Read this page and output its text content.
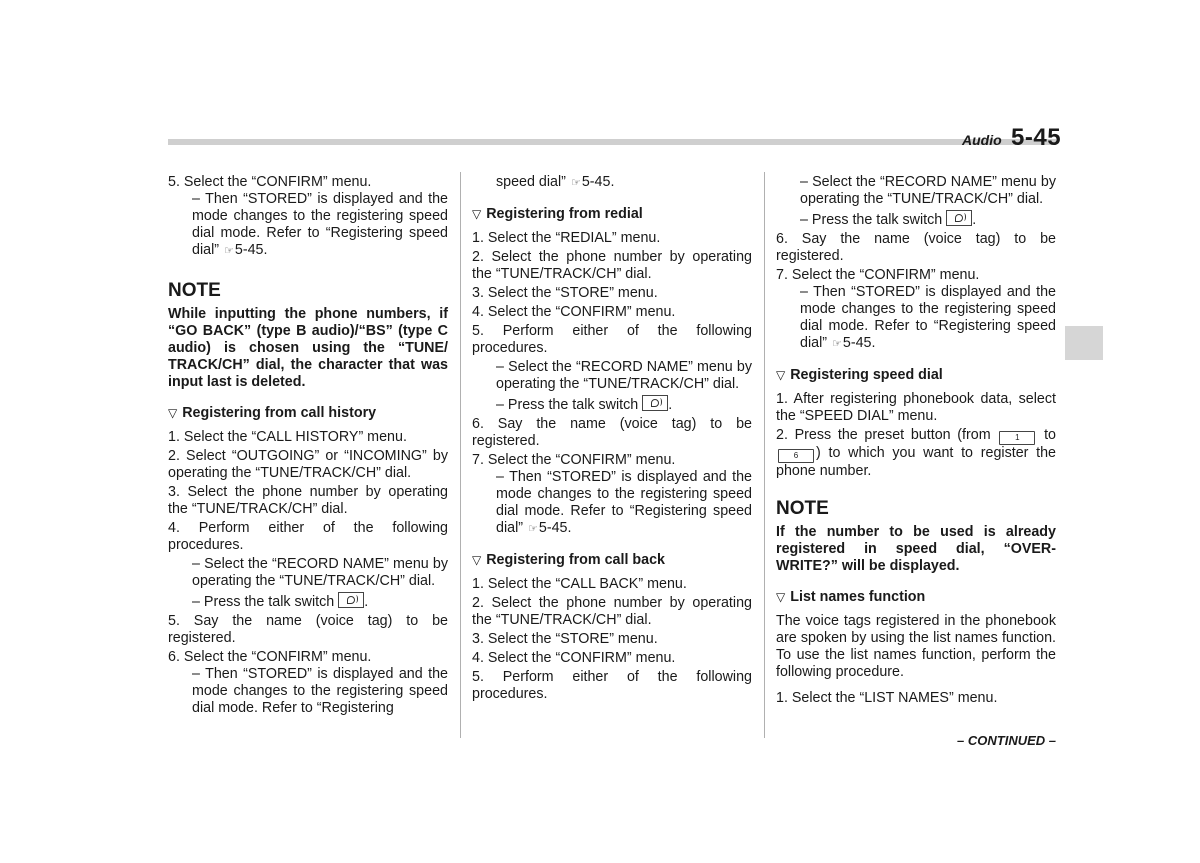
Audio 5-45

5. Select the “CONFIRM” menu.

– Then “STORED” is displayed and the mode changes to the registering speed dial mode. Refer to “Registering speed dial” ☞5-45.

NOTE

While inputting the phone numbers, if “GO BACK” (type B audio)/“BS” (type C audio) is chosen using the “TUNE/ TRACK/CH” dial, the character that was input last is deleted.

▽ Registering from call history

1. Select the “CALL HISTORY” menu.

2. Select “OUTGOING” or “INCOMING” by operating the “TUNE/TRACK/CH” dial.

3. Select the phone number by operating the “TUNE/TRACK/CH” dial.

4. Perform either of the following procedures.

– Select the “RECORD NAME” menu by operating the “TUNE/TRACK/CH” dial.

– Press the talk switch .

5. Say the name (voice tag) to be registered.

6. Select the “CONFIRM” menu.

– Then “STORED” is displayed and the mode changes to the registering speed dial mode. Refer to “Registering

speed dial” ☞5-45.

▽ Registering from redial

1. Select the “REDIAL” menu.

2. Select the phone number by operating the “TUNE/TRACK/CH” dial.

3. Select the “STORE” menu.

4. Select the “CONFIRM” menu.

5. Perform either of the following procedures.

– Select the “RECORD NAME” menu by operating the “TUNE/TRACK/CH” dial.

– Press the talk switch .

6. Say the name (voice tag) to be registered.

7. Select the “CONFIRM” menu.

– Then “STORED” is displayed and the mode changes to the registering speed dial mode. Refer to “Registering speed dial” ☞5-45.

▽ Registering from call back

1. Select the “CALL BACK” menu.

2. Select the phone number by operating the “TUNE/TRACK/CH” dial.

3. Select the “STORE” menu.

4. Select the “CONFIRM” menu.

5. Perform either of the following procedures.

– Select the “RECORD NAME” menu by operating the “TUNE/TRACK/CH” dial.

– Press the talk switch .

6. Say the name (voice tag) to be registered.

7. Select the “CONFIRM” menu.

– Then “STORED” is displayed and the mode changes to the registering speed dial mode. Refer to “Registering speed dial” ☞5-45.

▽ Registering speed dial

1. After registering phonebook data, select the “SPEED DIAL” menu.

2. Press the preset button (from	1 to 6 ) to which you want to register the phone number.

NOTE

If the number to be used is already registered in speed dial, “OVER-WRITE?” will be displayed.

▽ List names function

The voice tags registered in the phonebook are spoken by using the list names function. To use the list names function, perform the following procedure.

1. Select the “LIST NAMES” menu.

– CONTINUED –
